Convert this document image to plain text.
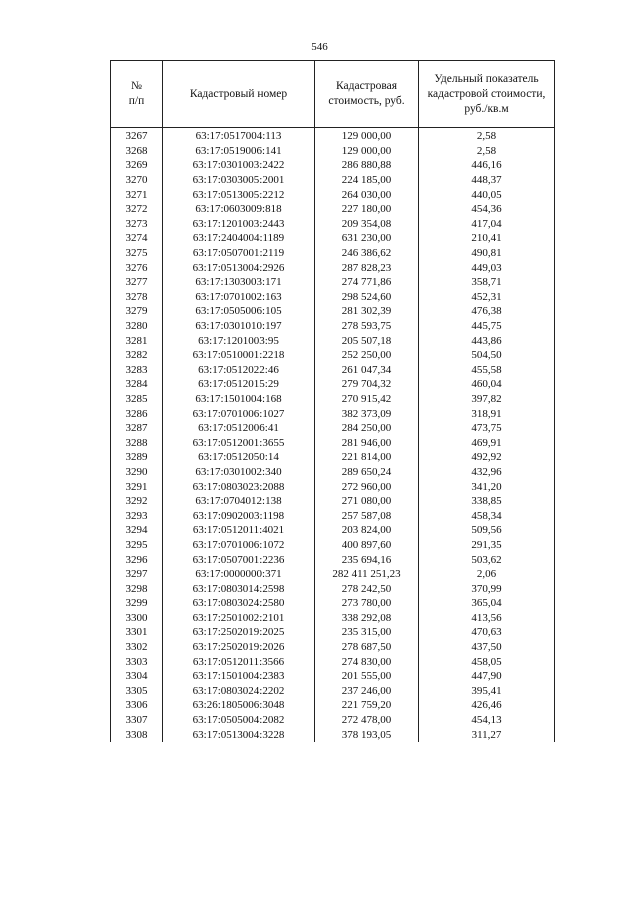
546
№
п/п	Кадастровый номер	Кадастровая стоимость, руб.	Удельный показатель кадастровой стоимости, руб./кв.м
3267	63:17:0517004:113	129 000,00	2,58
3268	63:17:0519006:141	129 000,00	2,58
3269	63:17:0301003:2422	286 880,88	446,16
3270	63:17:0303005:2001	224 185,00	448,37
3271	63:17:0513005:2212	264 030,00	440,05
3272	63:17:0603009:818	227 180,00	454,36
3273	63:17:1201003:2443	209 354,08	417,04
3274	63:17:2404004:1189	631 230,00	210,41
3275	63:17:0507001:2119	246 386,62	490,81
3276	63:17:0513004:2926	287 828,23	449,03
3277	63:17:1303003:171	274 771,86	358,71
3278	63:17:0701002:163	298 524,60	452,31
3279	63:17:0505006:105	281 302,39	476,38
3280	63:17:0301010:197	278 593,75	445,75
3281	63:17:1201003:95	205 507,18	443,86
3282	63:17:0510001:2218	252 250,00	504,50
3283	63:17:0512022:46	261 047,34	455,58
3284	63:17:0512015:29	279 704,32	460,04
3285	63:17:1501004:168	270 915,42	397,82
3286	63:17:0701006:1027	382 373,09	318,91
3287	63:17:0512006:41	284 250,00	473,75
3288	63:17:0512001:3655	281 946,00	469,91
3289	63:17:0512050:14	221 814,00	492,92
3290	63:17:0301002:340	289 650,24	432,96
3291	63:17:0803023:2088	272 960,00	341,20
3292	63:17:0704012:138	271 080,00	338,85
3293	63:17:0902003:1198	257 587,08	458,34
3294	63:17:0512011:4021	203 824,00	509,56
3295	63:17:0701006:1072	400 897,60	291,35
3296	63:17:0507001:2236	235 694,16	503,62
3297	63:17:0000000:371	282 411 251,23	2,06
3298	63:17:0803014:2598	278 242,50	370,99
3299	63:17:0803024:2580	273 780,00	365,04
3300	63:17:2501002:2101	338 292,08	413,56
3301	63:17:2502019:2025	235 315,00	470,63
3302	63:17:2502019:2026	278 687,50	437,50
3303	63:17:0512011:3566	274 830,00	458,05
3304	63:17:1501004:2383	201 555,00	447,90
3305	63:17:0803024:2202	237 246,00	395,41
3306	63:26:1805006:3048	221 759,20	426,46
3307	63:17:0505004:2082	272 478,00	454,13
3308	63:17:0513004:3228	378 193,05	311,27
